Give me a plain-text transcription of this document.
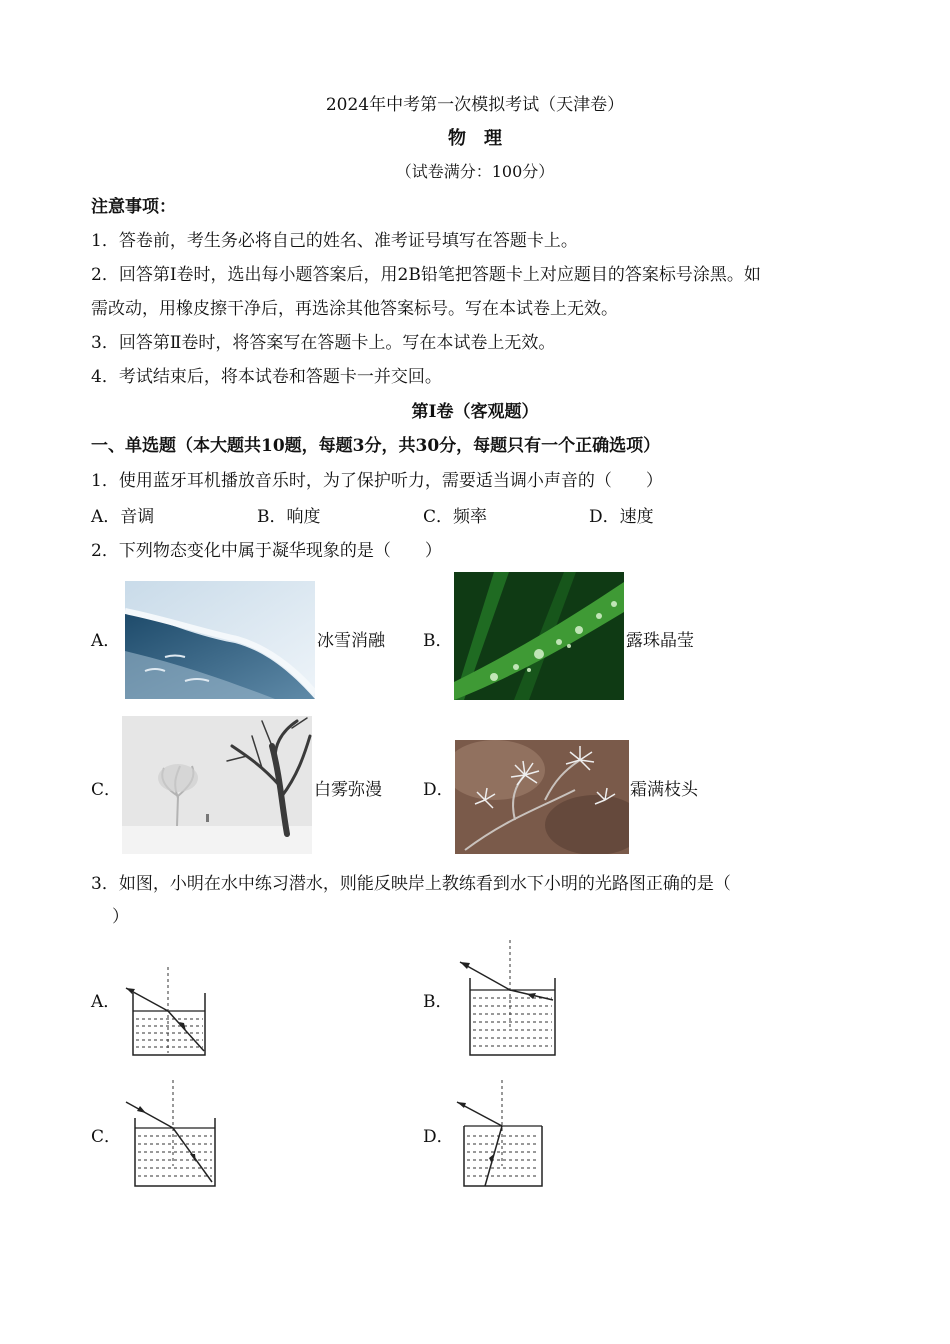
2024年中考第一次模拟考试（天津卷）
物理
（试卷满分：100分）
注意事项：
1．答卷前，考生务必将自己的姓名、准考证号填写在答题卡上。
2．回答第Ⅰ卷时，选出每小题答案后，用2B铅笔把答题卡上对应题目的答案标号涂黑。如
需改动，用橡皮擦干净后，再选涂其他答案标号。写在本试卷上无效。
3．回答第Ⅱ卷时，将答案写在答题卡上。写在本试卷上无效。
4．考试结束后，将本试卷和答题卡一并交回。
第Ⅰ卷（客观题）
一、单选题（本大题共10题，每题3分，共30分，每题只有一个正确选项）
1．使用蓝牙耳机播放音乐时，为了保护听力，需要适当调小声音的（　　）
A．音调	B．响度	C．频率	D．速度
2．下列物态变化中属于凝华现象的是（　　）
A．	冰雪消融 B．	露珠晶莹
C．	白雾弥漫 D．	霜满枝头
3．如图，小明在水中练习潜水，则能反映岸上教练看到水下小明的光路图正确的是（
）
A．	B．
C．	D．
